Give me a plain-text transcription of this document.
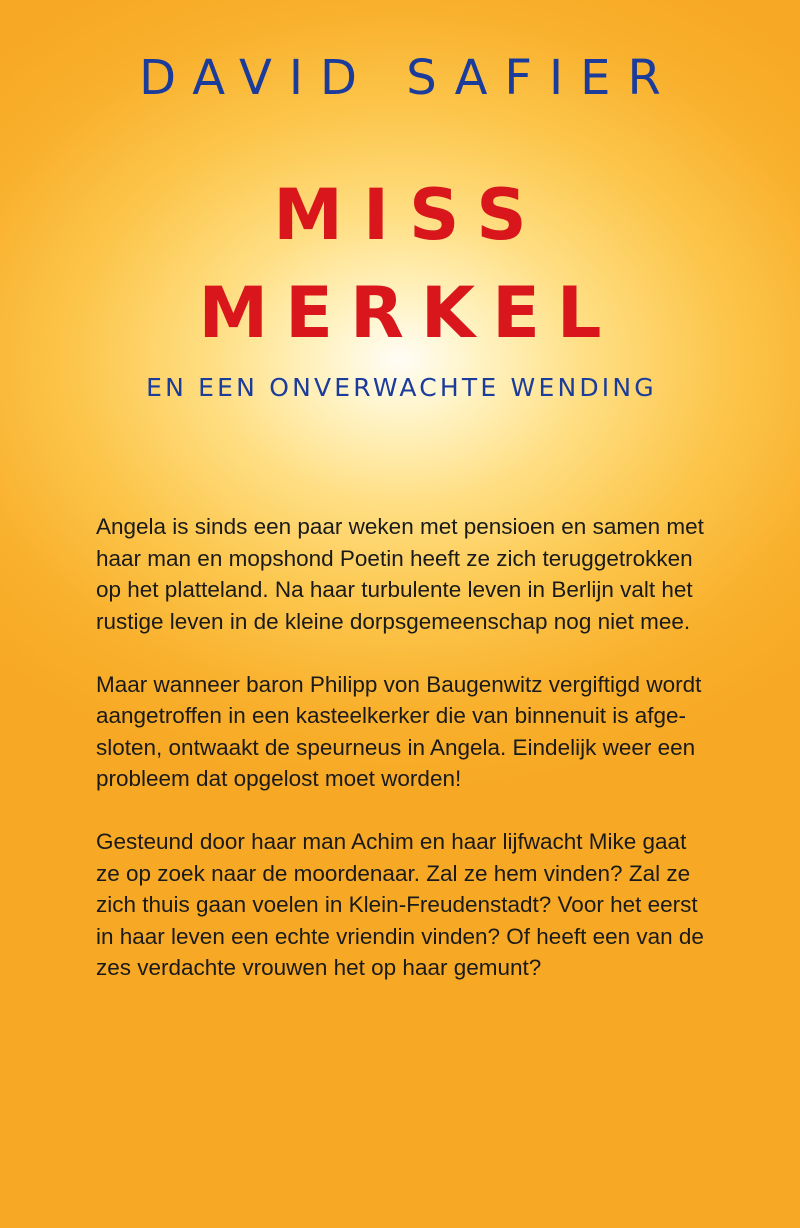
DAVID SAFIER
MISS
MERKEL
EN EEN ONVERWACHTE WENDING

Angela is sinds een paar weken met pensioen en samen met
haar man en mopshond Poetin heeft ze zich teruggetrokken
op het platteland. Na haar turbulente leven in Berlijn valt het
rustige leven in de kleine dorpsgemeenschap nog niet mee.

Maar wanneer baron Philipp von Baugenwitz vergiftigd wordt
aangetroffen in een kasteelkerker die van binnenuit is afge-
sloten, ontwaakt de speurneus in Angela. Eindelijk weer een
probleem dat opgelost moet worden!

Gesteund door haar man Achim en haar lijfwacht Mike gaat
ze op zoek naar de moordenaar. Zal ze hem vinden? Zal ze
zich thuis gaan voelen in Klein-Freudenstadt? Voor het eerst
in haar leven een echte vriendin vinden? Of heeft een van de
zes verdachte vrouwen het op haar gemunt?
